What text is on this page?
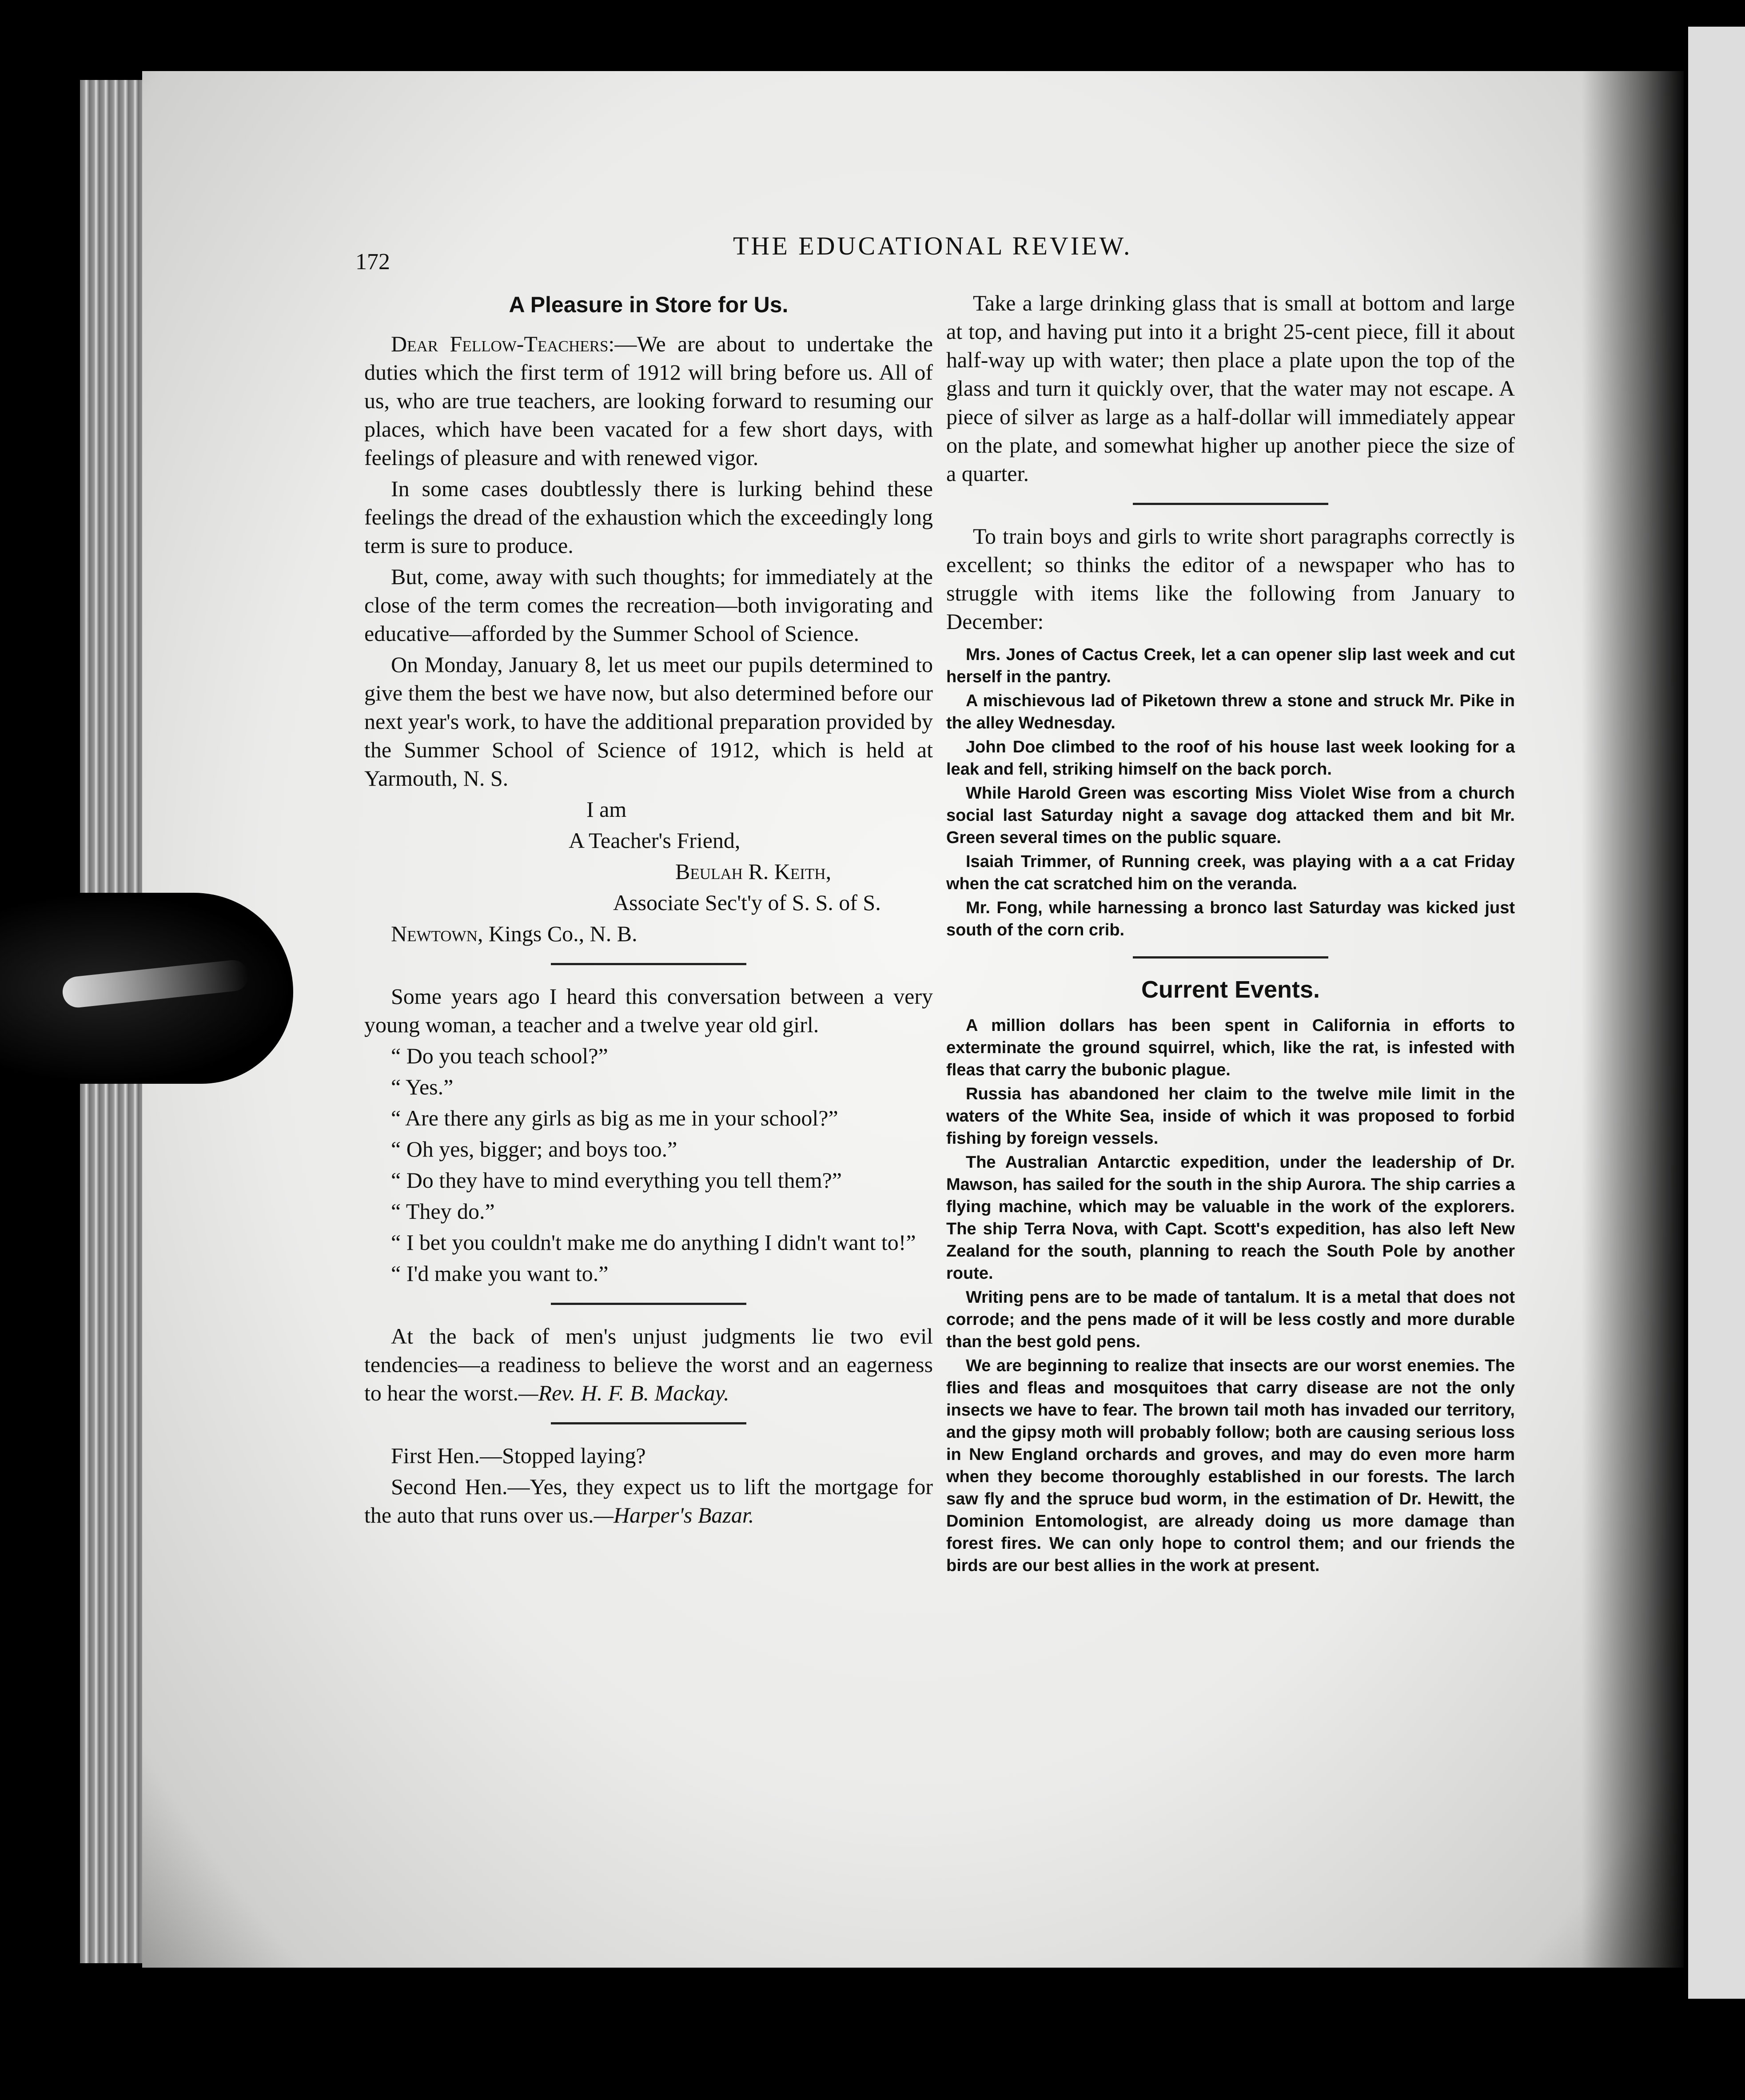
172
THE EDUCATIONAL REVIEW.
A Pleasure in Store for Us.

Dear Fellow-Teachers:—We are about to undertake the duties which the first term of 1912 will bring before us. All of us, who are true teachers, are looking forward to resuming our places, which have been vacated for a few short days, with feelings of pleasure and with renewed vigor.

In some cases doubtlessly there is lurking behind these feelings the dread of the exhaustion which the exceedingly long term is sure to produce.

But, come, away with such thoughts; for immediately at the close of the term comes the recreation—both invigorating and educative—afforded by the Summer School of Science.

On Monday, January 8, let us meet our pupils determined to give them the best we have now, but also determined before our next year's work, to have the additional preparation provided by the Summer School of Science of 1912, which is held at Yarmouth, N. S.

I am

A Teacher's Friend,

Beulah R. Keith,

Associate Sec't'y of S. S. of S.

Newtown, Kings Co., N. B.

Some years ago I heard this conversation between a very young woman, a teacher and a twelve year old girl.

“ Do you teach school?”

“ Yes.”

“ Are there any girls as big as me in your school?”

“ Oh yes, bigger; and boys too.”

“ Do they have to mind everything you tell them?”

“ They do.”

“ I bet you couldn't make me do anything I didn't want to!”

“ I'd make you want to.”

At the back of men's unjust judgments lie two evil tendencies—a readiness to believe the worst and an eagerness to hear the worst.—Rev. H. F. B. Mackay.

First Hen.—Stopped laying?

Second Hen.—Yes, they expect us to lift the mortgage for the auto that runs over us.—Harper's Bazar.

Take a large drinking glass that is small at bottom and large at top, and having put into it a bright 25-cent piece, fill it about half-way up with water; then place a plate upon the top of the glass and turn it quickly over, that the water may not escape. A piece of silver as large as a half-dollar will immediately appear on the plate, and somewhat higher up another piece the size of a quarter.

To train boys and girls to write short paragraphs correctly is excellent; so thinks the editor of a newspaper who has to struggle with items like the following from January to December:

Mrs. Jones of Cactus Creek, let a can opener slip last week and cut herself in the pantry.

A mischievous lad of Piketown threw a stone and struck Mr. Pike in the alley Wednesday.

John Doe climbed to the roof of his house last week looking for a leak and fell, striking himself on the back porch.

While Harold Green was escorting Miss Violet Wise from a church social last Saturday night a savage dog attacked them and bit Mr. Green several times on the public square.

Isaiah Trimmer, of Running creek, was playing with a a cat Friday when the cat scratched him on the veranda.

Mr. Fong, while harnessing a bronco last Saturday was kicked just south of the corn crib.

Current Events.

A million dollars has been spent in California in efforts to exterminate the ground squirrel, which, like the rat, is infested with fleas that carry the bubonic plague.

Russia has abandoned her claim to the twelve mile limit in the waters of the White Sea, inside of which it was proposed to forbid fishing by foreign vessels.

The Australian Antarctic expedition, under the leadership of Dr. Mawson, has sailed for the south in the ship Aurora. The ship carries a flying machine, which may be valuable in the work of the explorers. The ship Terra Nova, with Capt. Scott's expedition, has also left New Zealand for the south, planning to reach the South Pole by another route.

Writing pens are to be made of tantalum. It is a metal that does not corrode; and the pens made of it will be less costly and more durable than the best gold pens.

We are beginning to realize that insects are our worst enemies. The flies and fleas and mosquitoes that carry disease are not the only insects we have to fear. The brown tail moth has invaded our territory, and the gipsy moth will probably follow; both are causing serious loss in New England orchards and groves, and may do even more harm when they become thoroughly established in our forests. The larch saw fly and the spruce bud worm, in the estimation of Dr. Hewitt, the Dominion Entomologist, are already doing us more damage than forest fires. We can only hope to control them; and our friends the birds are our best allies in the work at present.
